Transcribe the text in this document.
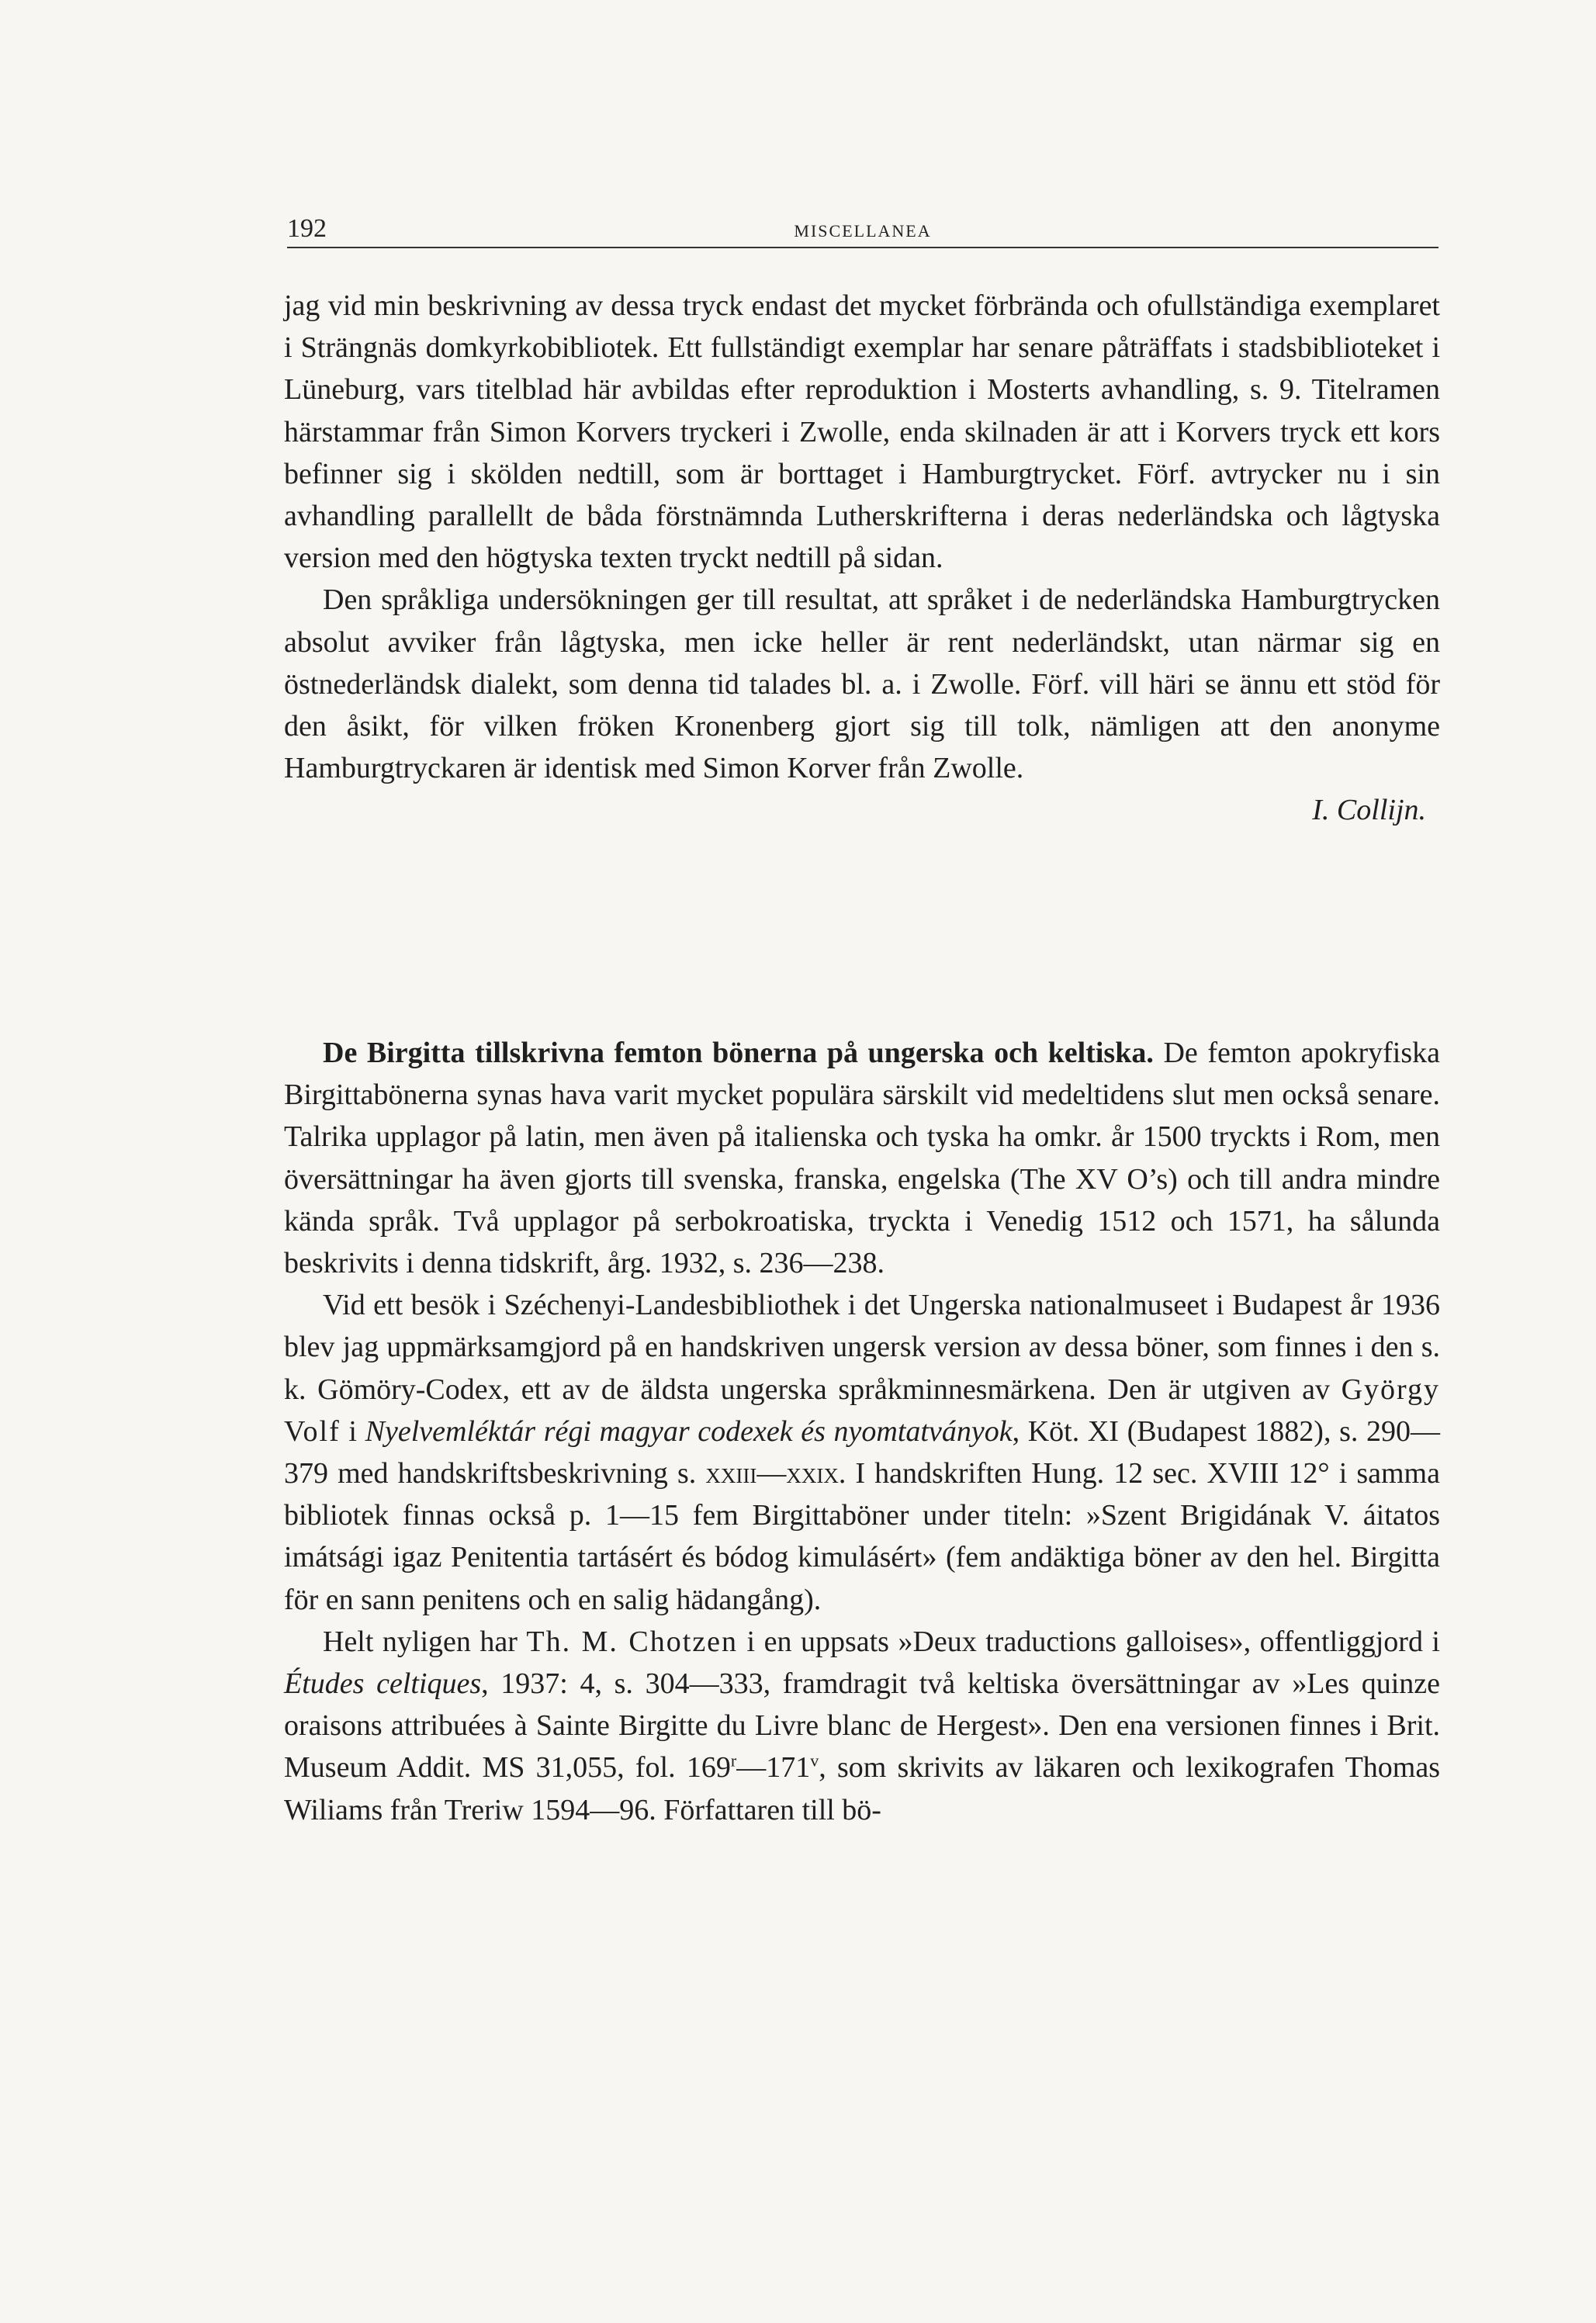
192	MISCELLANEA

jag vid min beskrivning av dessa tryck endast det mycket förbrända och ofullständiga exemplaret i Strängnäs domkyrkobibliotek. Ett fullständigt exemplar har senare påträffats i stadsbiblioteket i Lüneburg, vars titelblad här avbildas efter reproduktion i Mosterts avhandling, s. 9. Titelramen härstammar från Simon Korvers tryckeri i Zwolle, enda skilnaden är att i Korvers tryck ett kors befinner sig i skölden nedtill, som är borttaget i Hamburgtrycket. Förf. avtrycker nu i sin avhandling parallellt de båda förstnämnda Lutherskrifterna i deras nederländska och lågtyska version med den högtyska texten tryckt nedtill på sidan.

Den språkliga undersökningen ger till resultat, att språket i de nederländska Hamburgtrycken absolut avviker från lågtyska, men icke heller är rent nederländskt, utan närmar sig en östnederländsk dialekt, som denna tid talades bl. a. i Zwolle. Förf. vill häri se ännu ett stöd för den åsikt, för vilken fröken Kronenberg gjort sig till tolk, nämligen att den anonyme Hamburgtryckaren är identisk med Simon Korver från Zwolle.

I. Collijn.

De Birgitta tillskrivna femton bönerna på ungerska och keltiska. De femton apokryfiska Birgittabönerna synas hava varit mycket populära särskilt vid medeltidens slut men också senare. Talrika upplagor på latin, men även på italienska och tyska ha omkr. år 1500 tryckts i Rom, men översättningar ha även gjorts till svenska, franska, engelska (The XV O’s) och till andra mindre kända språk. Två upplagor på serbokroatiska, tryckta i Venedig 1512 och 1571, ha sålunda beskrivits i denna tidskrift, årg. 1932, s. 236—238.

Vid ett besök i Széchenyi-Landesbibliothek i det Ungerska nationalmuseet i Budapest år 1936 blev jag uppmärksamgjord på en handskriven ungersk version av dessa böner, som finnes i den s. k. Gömöry-Codex, ett av de äldsta ungerska språkminnesmärkena. Den är utgiven av György Volf i Nyelvemléktár régi magyar codexek és nyomtatványok, Köt. XI (Budapest 1882), s. 290—379 med handskriftsbeskrivning s. xxiii—xxix. I handskriften Hung. 12 sec. XVIII 12° i samma bibliotek finnas också p. 1—15 fem Birgittaböner under titeln: »Szent Brigidának V. áitatos imátsági igaz Penitentia tartásért és bódog kimulásért» (fem andäktiga böner av den hel. Birgitta för en sann penitens och en salig hädangång).

Helt nyligen har Th. M. Chotzen i en uppsats »Deux traductions galloises», offentliggjord i Études celtiques, 1937: 4, s. 304—333, framdragit två keltiska översättningar av »Les quinze oraisons attribuées à Sainte Birgitte du Livre blanc de Hergest». Den ena versionen finnes i Brit. Museum Addit. MS 31,055, fol. 169$^r$—171$^v$, som skrivits av läkaren och lexikografen Thomas Wiliams från Treriw 1594—96. Författaren till bö-
